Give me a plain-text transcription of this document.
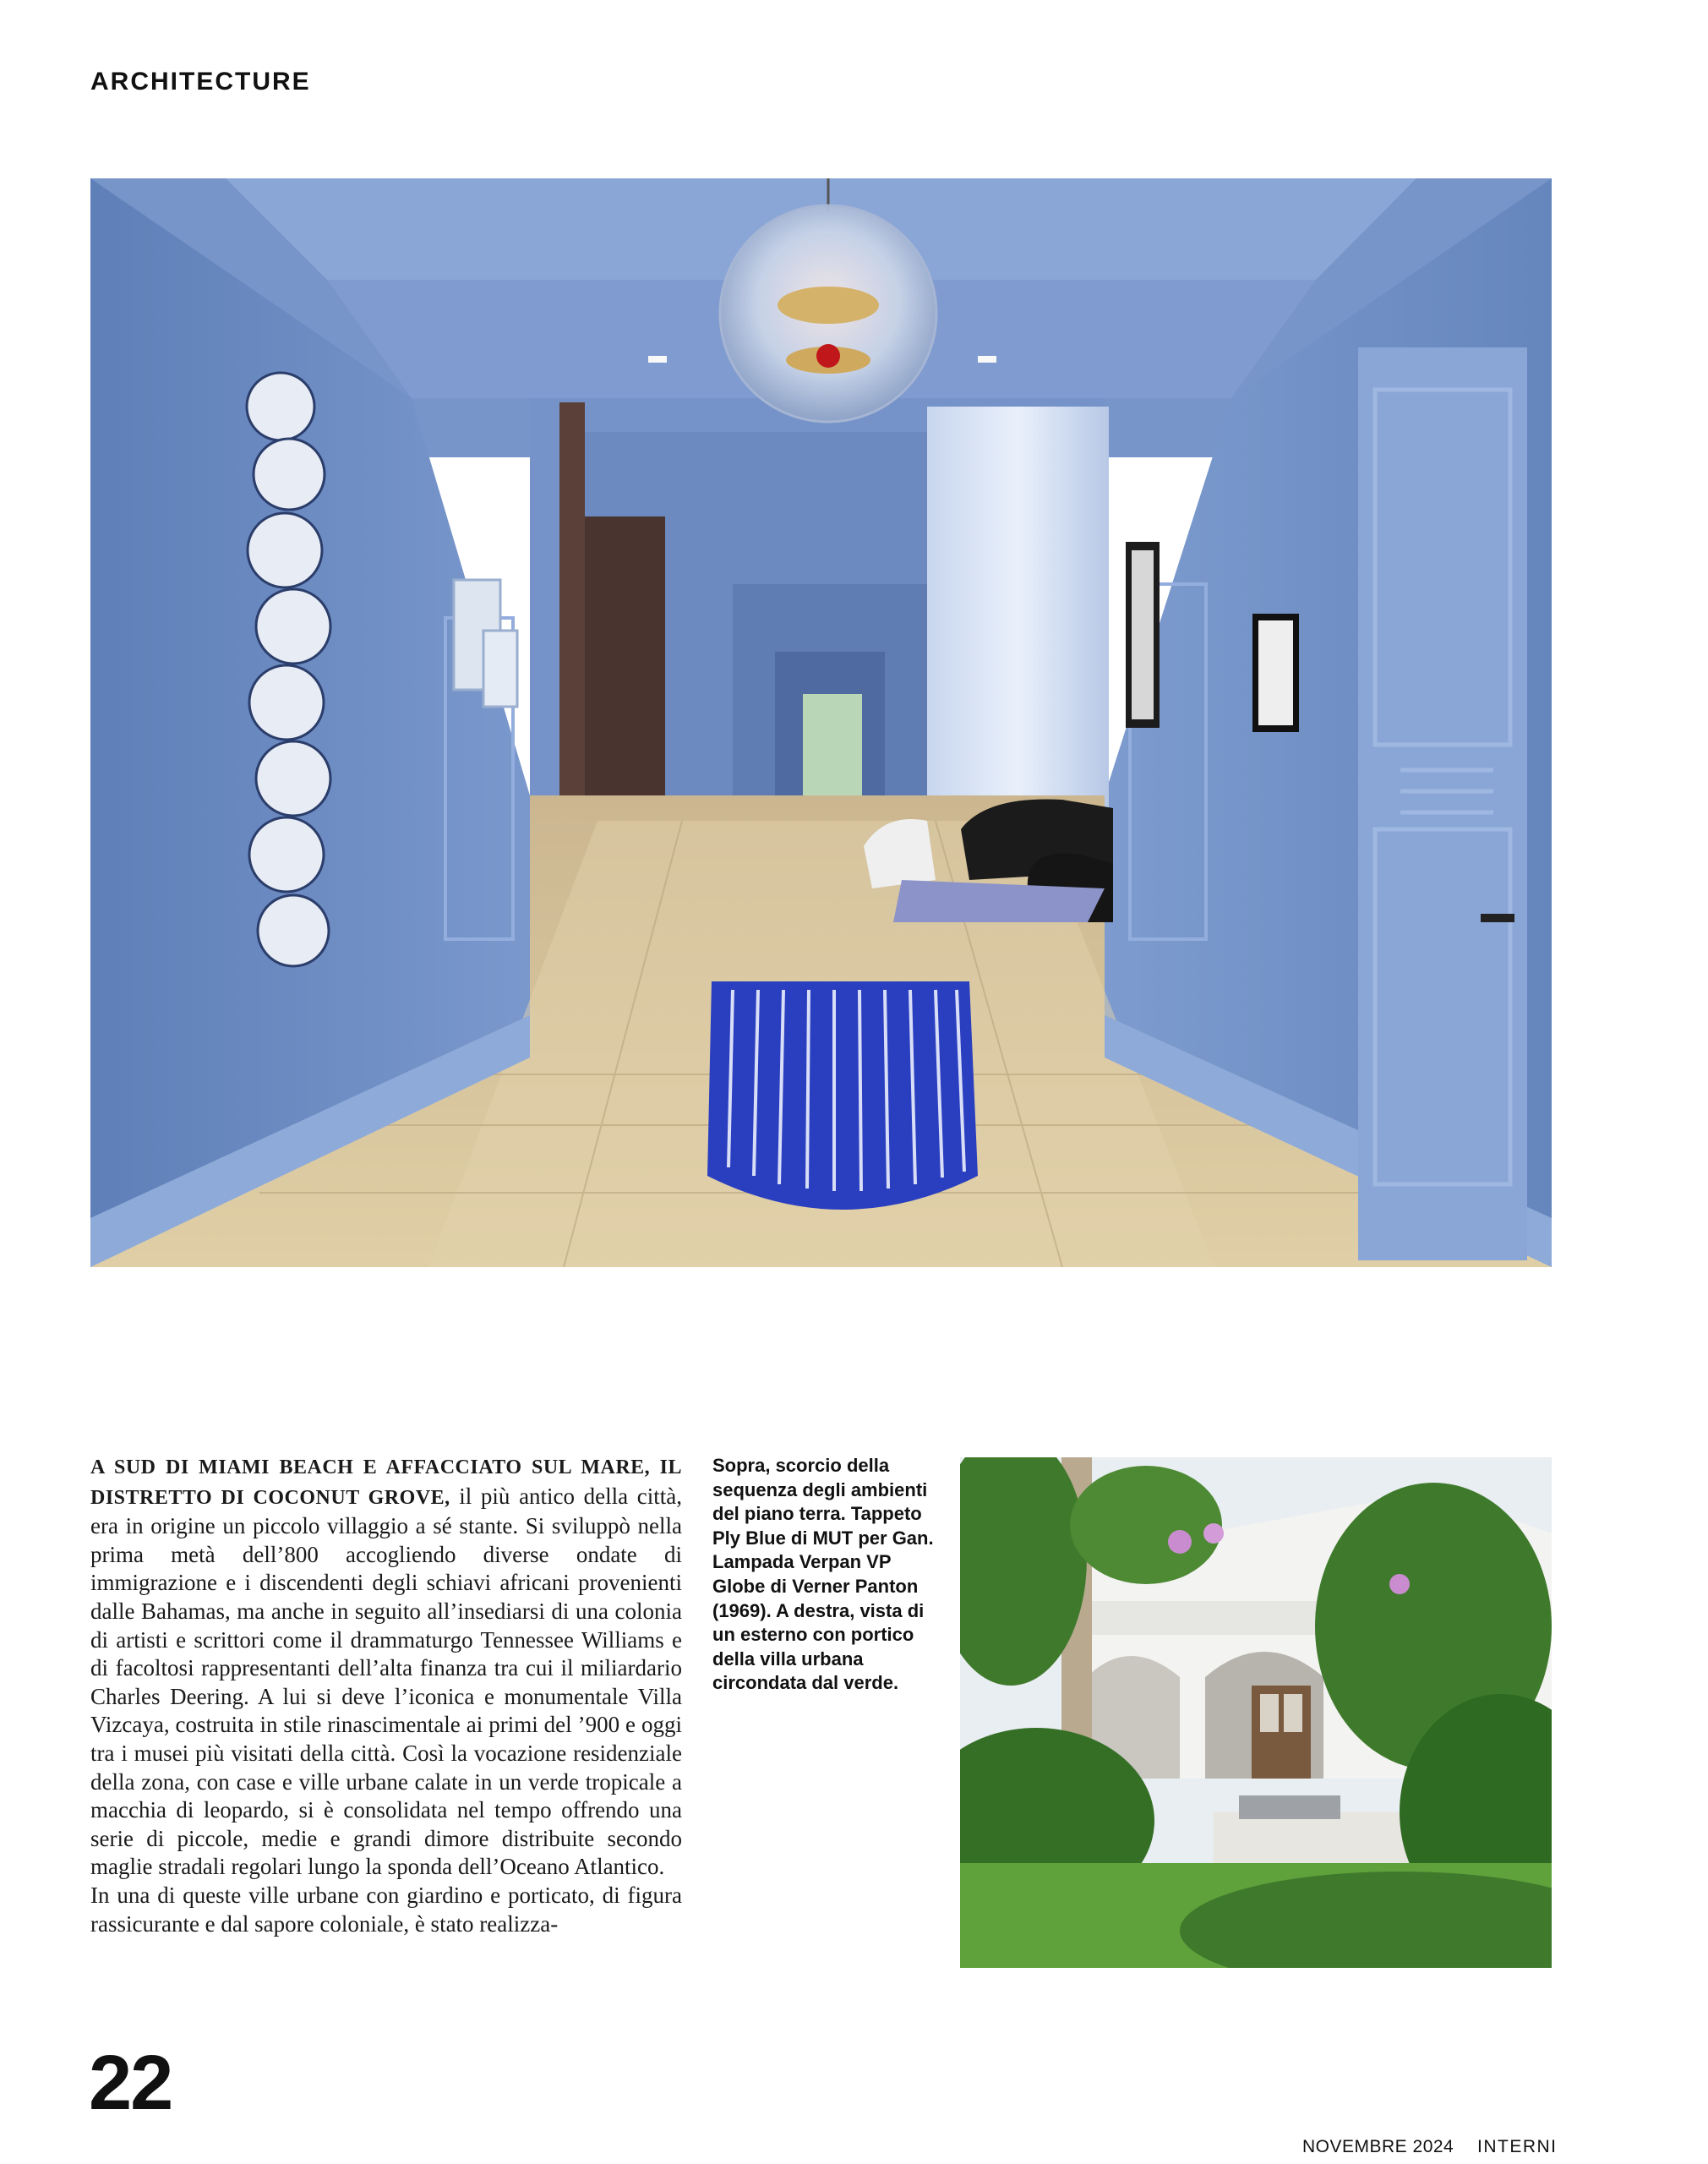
ARCHITECTURE

A SUD DI MIAMI BEACH E AFFACCIATO SUL MARE, IL DISTRETTO DI COCONUT GROVE, il più antico della città, era in origine un piccolo villaggio a sé stante. Si sviluppò nella prima metà dell’800 accogliendo diverse ondate di immigrazione e i discendenti degli schiavi africani provenienti dalle Bahamas, ma anche in seguito all’insediarsi di una colonia di artisti e scrittori come il drammaturgo Tennessee Williams e di facoltosi rappresentanti dell’alta finanza tra cui il miliardario Charles Deering. A lui si deve l’iconica e monumentale Villa Vizcaya, costruita in stile rinascimentale ai primi del ’900 e oggi tra i musei più visitati della città. Così la vocazione residenziale della zona, con case e ville urbane calate in un verde tropicale a macchia di leopardo, si è consolidata nel tempo offrendo una serie di piccole, medie e grandi dimore distribuite secondo maglie stradali regolari lungo la sponda dell’Oceano Atlantico.

In una di queste ville urbane con giardino e porticato, di figura rassicurante e dal sapore coloniale, è stato realizza-

Sopra, scorcio della sequenza degli ambienti del piano terra. Tappeto Ply Blue di MUT per Gan. Lampada Verpan VP Globe di Verner Panton (1969). A destra, vista di un esterno con portico della villa urbana circondata dal verde.

22
NOVEMBRE 2024 INTERNI
